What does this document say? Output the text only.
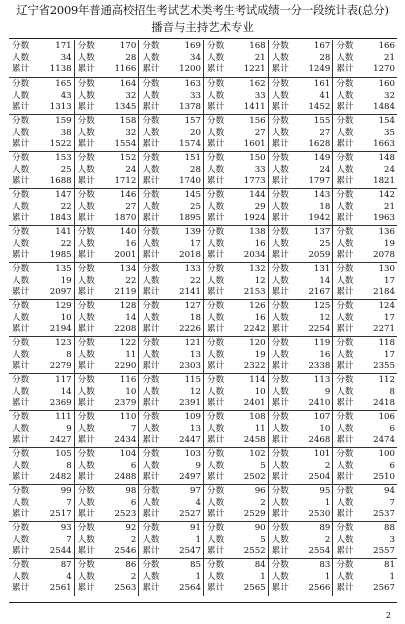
辽宁省2009年普通高校招生考试艺术类考生考试成绩一分一段统计表(总分)
播音与主持艺术专业
分数	171
人数	34
累计 1138
分数	170
人数	28
累计 1166
分数	169
人数	34
累计 1200
分数	168
人数	21
累计 1221
分数	167
人数	28
累计 1249
分数	166
人数	21
累计 1270
分数	165
人数	43
累计 1313
分数	164
人数	32
累计 1345
分数	163
人数	33
累计 1378
分数	162
人数	33
累计 1411
分数	161
人数	41
累计 1452
分数	160
人数	32
累计 1484
分数	159
人数	38
累计 1522
分数	158
人数	32
累计 1554
分数	157
人数	20
累计 1574
分数	156
人数	27
累计 1601
分数	155
人数	27
累计 1628
分数	154
人数	35
累计 1663
分数	153
人数	25
累计 1688
分数	152
人数	24
累计 1712
分数	151
人数	28
累计 1740
分数	150
人数	33
累计 1773
分数	149
人数	24
累计 1797
分数	148
人数	24
累计 1821
分数	147
人数	22
累计 1843
分数	146
人数	27
累计 1870
分数	145
人数	25
累计 1895
分数	144
人数	29
累计 1924
分数	143
人数	18
累计 1942
分数	142
人数	21
累计 1963
分数	141
人数	22
累计 1985
分数	140
人数	16
累计 2001
分数	139
人数	17
累计 2018
分数	138
人数	16
累计 2034
分数	137
人数	25
累计 2059
分数	136
人数	19
累计 2078
分数	135
人数	19
累计 2097
分数	134
人数	22
累计 2119
分数	133
人数	22
累计 2141
分数	132
人数	12
累计 2153
分数	131
人数	14
累计 2167
分数	130
人数	17
累计 2184
分数	129
人数	10
累计 2194
分数	128
人数	14
累计 2208
分数	127
人数	18
累计 2226
分数	126
人数	16
累计 2242
分数	125
人数	12
累计 2254
分数	124
人数	17
累计 2271
分数	123
人数	8
累计 2279
分数	122
人数	11
累计 2290
分数	121
人数	13
累计 2303
分数	120
人数	19
累计 2322
分数	119
人数	16
累计 2338
分数	118
人数	17
累计 2355
分数	117
人数	14
累计 2369
分数	116
人数	10
累计 2379
分数	115
人数	12
累计 2391
分数	114
人数	10
累计 2401
分数	113
人数	9
累计 2410
分数	112
人数	8
累计 2418
分数	111
人数	9
累计 2427
分数	110
人数	7
累计 2434
分数	109
人数	13
累计 2447
分数	108
人数	11
累计 2458
分数	107
人数	10
累计 2468
分数	106
人数	6
累计 2474
分数	105
人数	8
累计 2482
分数	104
人数	6
累计 2488
分数	103
人数	9
累计 2497
分数	102
人数	5
累计 2502
分数	101
人数	2
累计 2504
分数	100
人数	6
累计 2510
分数	99
人数	7
累计 2517
分数	98
人数	6
累计 2523
分数	97
人数	4
累计 2527
分数	96
人数	2
累计 2529
分数	95
人数	1
累计 2530
分数	94
人数	7
累计 2537
分数	93
人数	7
累计 2544
分数	92
人数	2
累计 2546
分数	91
人数	1
累计 2547
分数	90
人数	5
累计 2552
分数	89
人数	2
累计 2554
分数	88
人数	3
累计 2557
分数	87
人数	4
累计 2561
分数	86
人数	2
累计 2563
分数	85
人数	1
累计 2564
分数	84
人数	1
累计 2565
分数	83
人数	1
累计 2566
分数	81
人数	1
累计 2567
2
